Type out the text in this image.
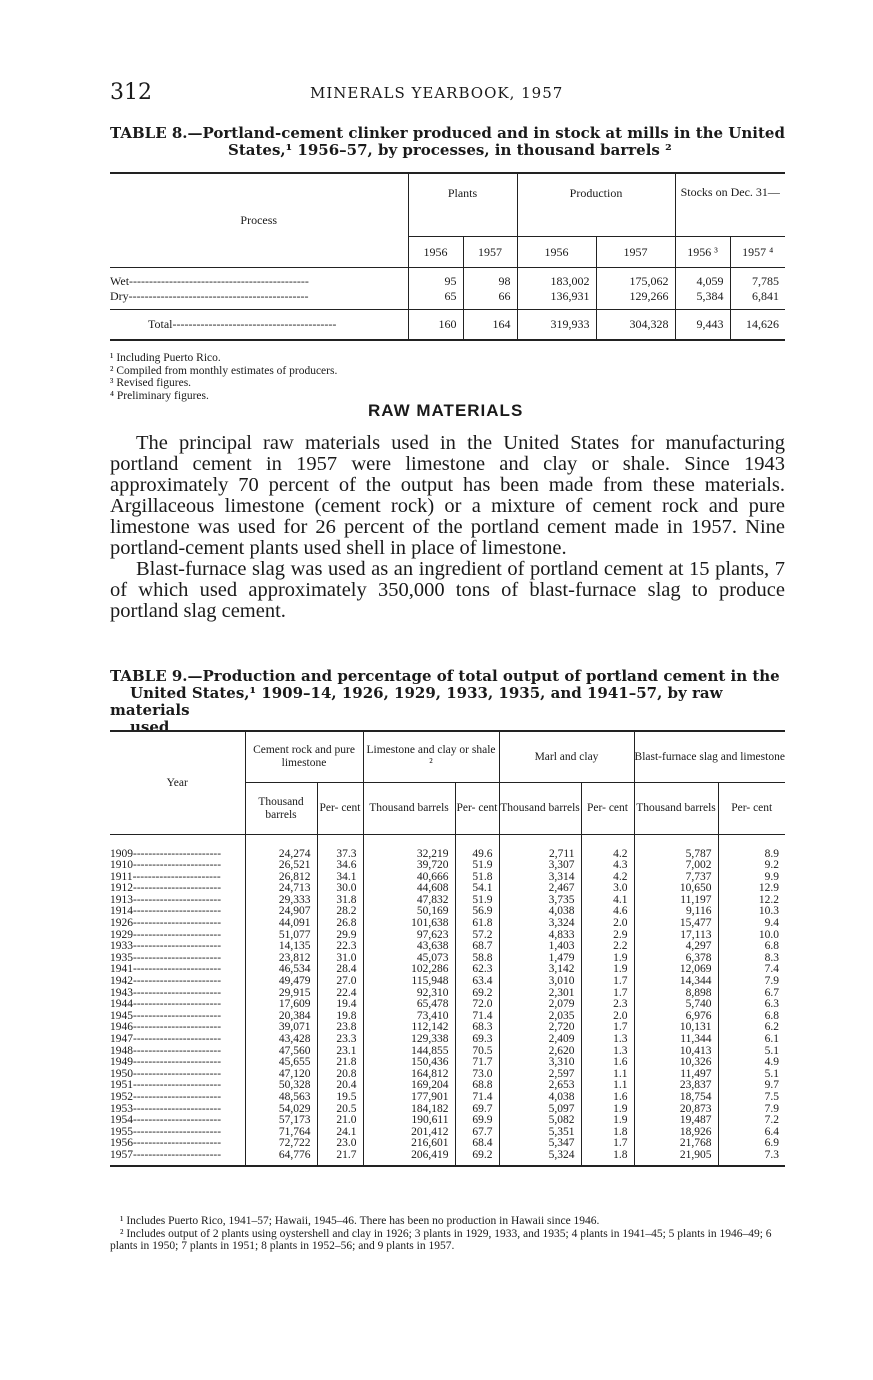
312	MINERALS YEARBOOK, 1957
TABLE 8.—Portland-cement clinker produced and in stock at mills in the United
States,¹ 1956–57, by processes, in thousand barrels ²
Process	Plants		Production		Stocks on Dec. 31—	
	1956	1957	1956	1957	1956 ³	1957 ⁴

Wet---------------------------------------------	95	98	183,002	175,062	4,059	7,785
Dry---------------------------------------------	65	66	136,931	129,266	5,384	6,841

Total-----------------------------------------	160	164	319,933	304,328	9,443	14,626
¹ Including Puerto Rico.
² Compiled from monthly estimates of producers.
³ Revised figures.
⁴ Preliminary figures.
RAW MATERIALS

The principal raw materials used in the United States for manufacturing portland cement in 1957 were limestone and clay or shale. Since 1943 approximately 70 percent of the output has been made from these materials. Argillaceous limestone (cement rock) or a mixture of cement rock and pure limestone was used for 26 percent of the portland cement made in 1957. Nine portland-cement plants used shell in place of limestone.

Blast-furnace slag was used as an ingredient of portland cement at 15 plants, 7 of which used approximately 350,000 tons of blast-furnace slag to produce portland slag cement.

TABLE 9.—Production and percentage of total output of portland cement in the
United States,¹ 1909–14, 1926, 1929, 1933, 1935, and 1941–57, by raw materials
used
Year	Cement rock and pure limestone		Limestone and clay or shale ²		Marl and clay		Blast-furnace slag and limestone	
	Thousand barrels	Per- cent	Thousand barrels	Per- cent	Thousand barrels	Per- cent	Thousand barrels	Per- cent

1909-----------------------	24,274	37.3	32,219	49.6	2,711	4.2	5,787	8.9
1910-----------------------	26,521	34.6	39,720	51.9	3,307	4.3	7,002	9.2
1911-----------------------	26,812	34.1	40,666	51.8	3,314	4.2	7,737	9.9
1912-----------------------	24,713	30.0	44,608	54.1	2,467	3.0	10,650	12.9
1913-----------------------	29,333	31.8	47,832	51.9	3,735	4.1	11,197	12.2
1914-----------------------	24,907	28.2	50,169	56.9	4,038	4.6	9,116	10.3
1926-----------------------	44,091	26.8	101,638	61.8	3,324	2.0	15,477	9.4
1929-----------------------	51,077	29.9	97,623	57.2	4,833	2.9	17,113	10.0
1933-----------------------	14,135	22.3	43,638	68.7	1,403	2.2	4,297	6.8
1935-----------------------	23,812	31.0	45,073	58.8	1,479	1.9	6,378	8.3
1941-----------------------	46,534	28.4	102,286	62.3	3,142	1.9	12,069	7.4
1942-----------------------	49,479	27.0	115,948	63.4	3,010	1.7	14,344	7.9
1943-----------------------	29,915	22.4	92,310	69.2	2,301	1.7	8,898	6.7
1944-----------------------	17,609	19.4	65,478	72.0	2,079	2.3	5,740	6.3
1945-----------------------	20,384	19.8	73,410	71.4	2,035	2.0	6,976	6.8
1946-----------------------	39,071	23.8	112,142	68.3	2,720	1.7	10,131	6.2
1947-----------------------	43,428	23.3	129,338	69.3	2,409	1.3	11,344	6.1
1948-----------------------	47,560	23.1	144,855	70.5	2,620	1.3	10,413	5.1
1949-----------------------	45,655	21.8	150,436	71.7	3,310	1.6	10,326	4.9
1950-----------------------	47,120	20.8	164,812	73.0	2,597	1.1	11,497	5.1
1951-----------------------	50,328	20.4	169,204	68.8	2,653	1.1	23,837	9.7
1952-----------------------	48,563	19.5	177,901	71.4	4,038	1.6	18,754	7.5
1953-----------------------	54,029	20.5	184,182	69.7	5,097	1.9	20,873	7.9
1954-----------------------	57,173	21.0	190,611	69.9	5,082	1.9	19,487	7.2
1955-----------------------	71,764	24.1	201,412	67.7	5,351	1.8	18,926	6.4
1956-----------------------	72,722	23.0	216,601	68.4	5,347	1.7	21,768	6.9
1957-----------------------	64,776	21.7	206,419	69.2	5,324	1.8	21,905	7.3

¹ Includes Puerto Rico, 1941–57; Hawaii, 1945–46. There has been no production in Hawaii since 1946.
² Includes output of 2 plants using oystershell and clay in 1926; 3 plants in 1929, 1933, and 1935; 4 plants in 1941–45; 5 plants in 1946–49; 6 plants in 1950; 7 plants in 1951; 8 plants in 1952–56; and 9 plants in 1957.
